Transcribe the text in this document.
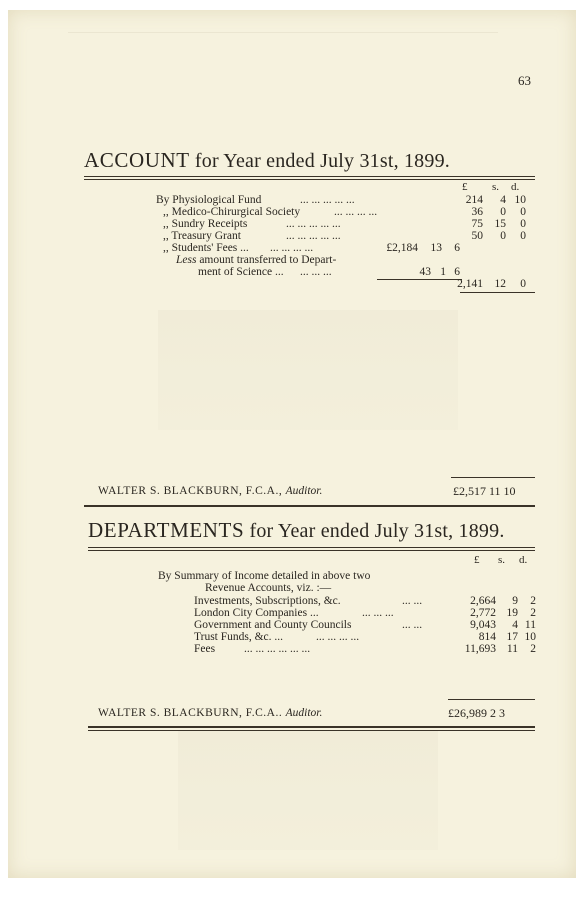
63
ACCOUNT for Year ended July 31st, 1899.
£ s. d.
By Physiological Fund	... ... ... ... ...	214 4 10
,, Medico-Chirurgical Society	... ... ... ...	36 0 0
,, Sundry Receipts	... ... ... ... ...	75 15 0
,, Treasury Grant	... ... ... ... ...	50 0 0
,, Students' Fees ... ... ... ... ...	£2,184 13 6
Less amount transferred to Depart-
ment of Science ... ... ... ...	43 1 6
2,141 12 0
WALTER S. BLACKBURN, F.C.A., Auditor.	£2,517 11 10
DEPARTMENTS for Year ended July 31st, 1899.
£ s. d.
By Summary of Income detailed in above two
Revenue Accounts, viz. :—
Investments, Subscriptions, &c.	... ...	2,664 9 2
London City Companies ...	... ... ...	2,772 19 2
Government and County Councils	... ...	9,043 4 11
Trust Funds, &c. ...	... ... ... ...	814 17 10
Fees	... ... ... ... ... ...	11,693 11 2
WALTER S. BLACKBURN, F.C.A.. Auditor.	£26,989 2 3
